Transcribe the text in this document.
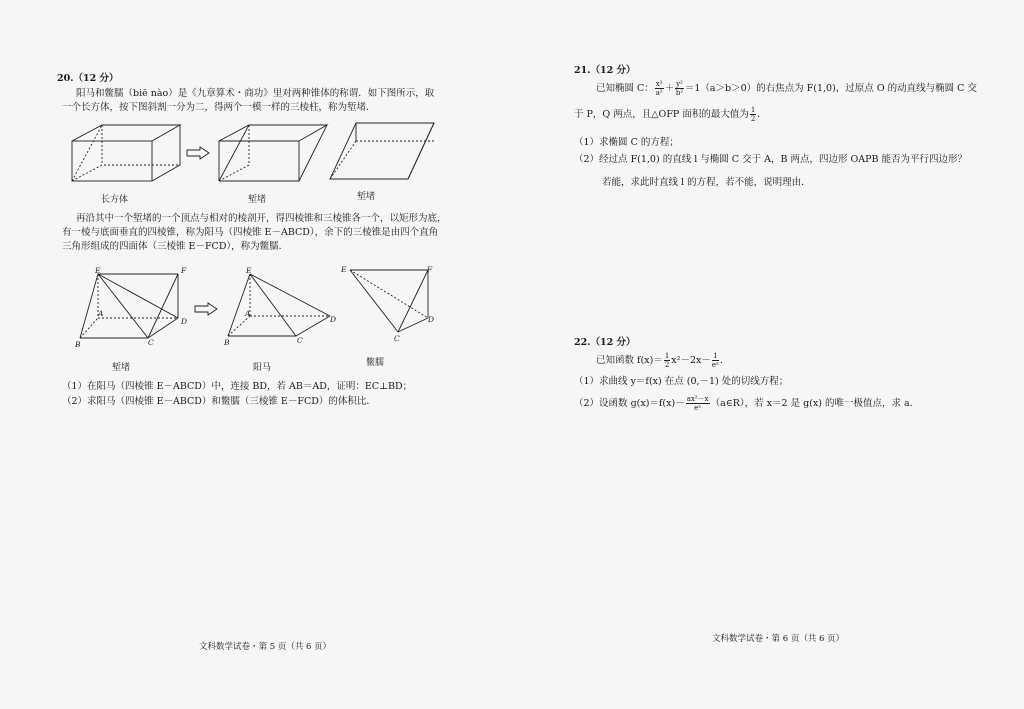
20.（12 分）
阳马和鳖臑（biē nào）是《九章算术・商功》里对两种锥体的称谓．如下图所示，取
一个长方体，按下图斜割一分为二，得两个一模一样的三棱柱，称为堑堵．
长方体	堑堵	堑堵
再沿其中一个堑堵的一个顶点与相对的棱剖开，得四棱锥和三棱锥各一个，以矩形为底，
有一棱与底面垂直的四棱锥，称为阳马（四棱锥 E－ABCD），余下的三棱锥是由四个直角
三角形组成的四面体（三棱锥 E－FCD），称为鳖臑．
E	F
A
D
B	C
堑堵
E
A
D
B	C
阳马
E	F
D
C
鳖臑
（1）在阳马（四棱锥 E－ABCD）中，连接 BD，若 AB＝AD，证明：EC⊥BD；
（2）求阳马（四棱锥 E－ABCD）和鳖臑（三棱锥 E－FCD）的体积比．
文科数学试卷・第 5 页（共 6 页）
21.（12 分）
已知椭圆 C： $\frac{\text{x²}}{\text{a²}} + \frac{\text{y²}}{\text{b²}} =1(a>b>0)$的右焦点为 F(1,0)，过原点 O 的动直线与椭圆 C 交
于 P，Q 两点，且△OFP 面积的最大值为 $\frac{1}{2}$ ．
（1）求椭圆 C 的方程；
（2）经过点 F(1,0) 的直线 l 与椭圆 C 交于 A，B 两点，四边形 OAPB 能否为平行四边形？
若能，求此时直线 l 的方程，若不能，说明理由．
22.（12 分）
已知函数 $f(x)= \frac{1}{2} x^2-2x- \frac{1}{\text{eˣ}}$ ．
（1）求曲线 y＝f(x) 在点 (0,－1) 处的切线方程；
（2）设函数 $g(x)=f(x)- \frac{\text{ax²－x}}{\text{eˣ}}$ （a∈R），若 x＝2 是 g(x) 的唯一极值点，求 a．
文科数学试卷・第 6 页（共 6 页）
